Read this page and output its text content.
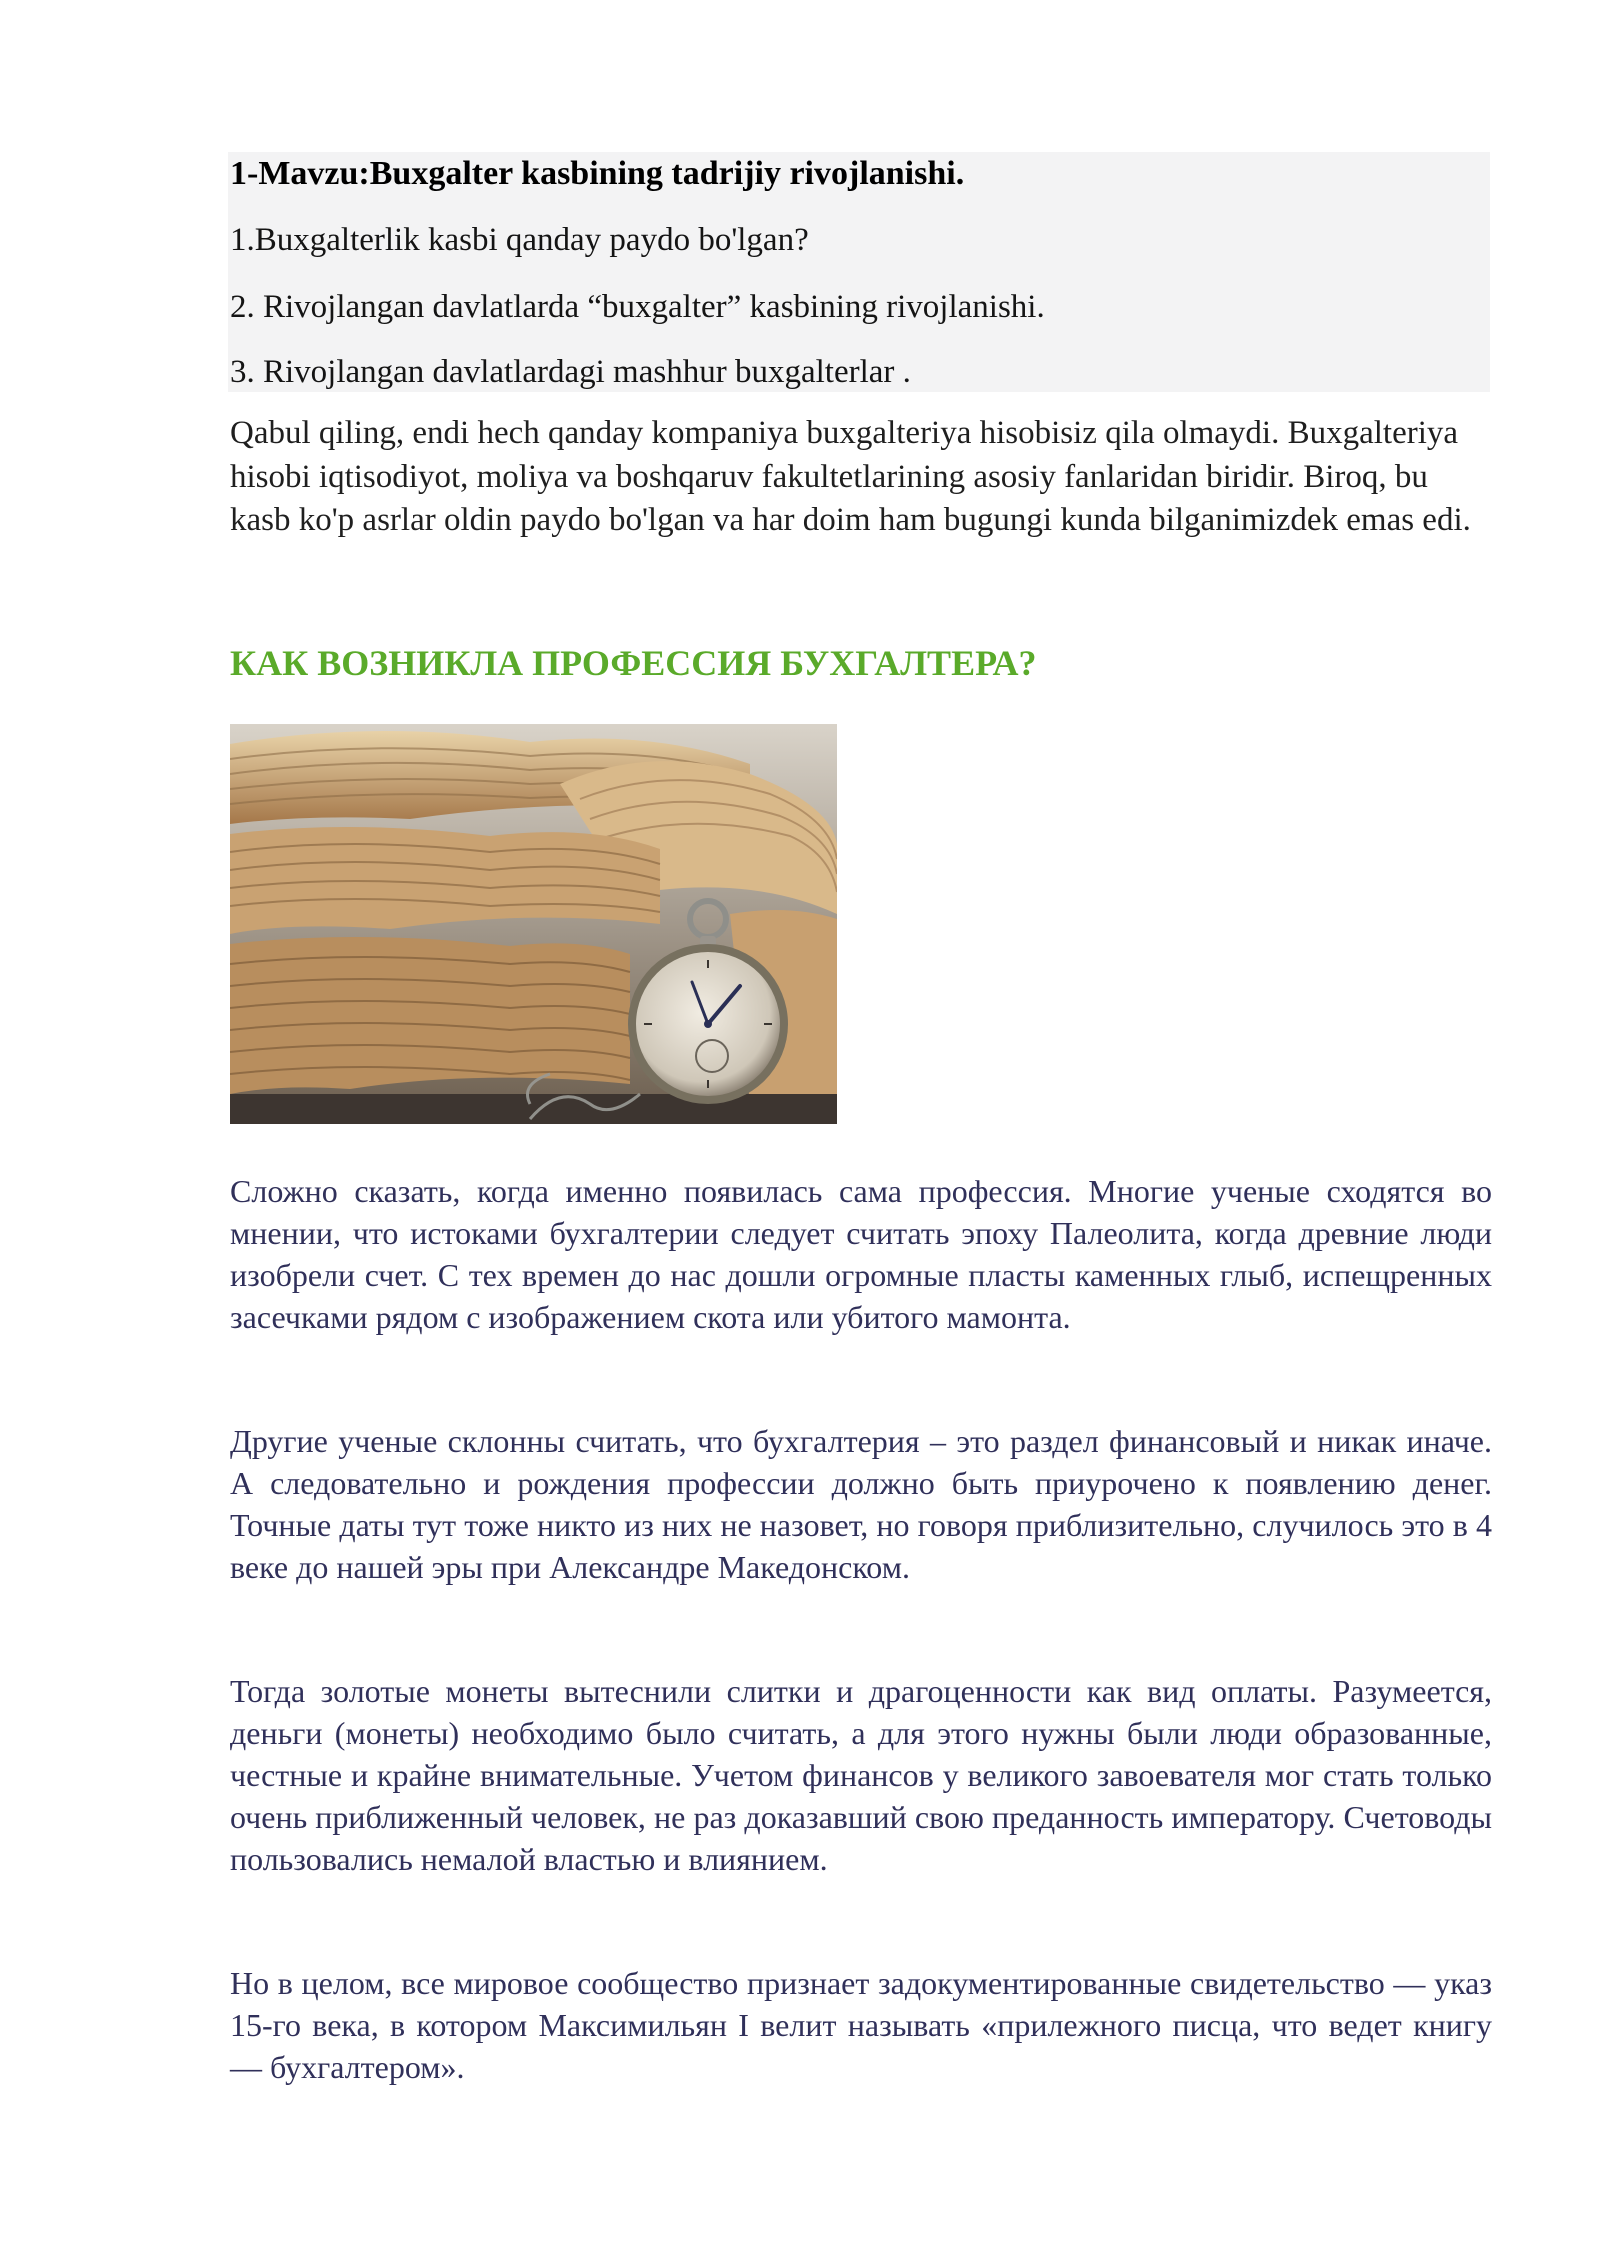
1-Mavzu:Buxgalter kasbining tadrijiy rivojlanishi.

1.Buxgalterlik kasbi qanday paydo bo'lgan?

2. Rivojlangan davlatlarda “buxgalter” kasbining rivojlanishi.

3. Rivojlangan davlatlardagi mashhur buxgalterlar .

Qabul qiling, endi hech qanday kompaniya buxgalteriya hisobisiz qila olmaydi. Buxgalteriya hisobi iqtisodiyot, moliya va boshqaruv fakultetlarining asosiy fanlaridan biridir. Biroq, bu kasb ko'p asrlar oldin paydo bo'lgan va har doim ham bugungi kunda bilganimizdek emas edi.

КАК ВОЗНИКЛА ПРОФЕССИЯ БУХГАЛТЕРА?

Сложно сказать, когда именно появилась сама профессия. Многие ученые сходятся во мнении, что истоками бухгалтерии следует считать эпоху Палеолита, когда древние люди изобрели счет. С тех времен до нас дошли огромные пласты каменных глыб, испещренных засечками рядом с изображением скота или убитого мамонта.

Другие ученые склонны считать, что бухгалтерия – это раздел финансовый и никак иначе. А следовательно и рождения профессии должно быть приурочено к появлению денег. Точные даты тут тоже никто из них не назовет, но говоря приблизительно, случилось это в 4 веке до нашей эры при Александре Македонском.

Тогда золотые монеты вытеснили слитки и драгоценности как вид оплаты. Разумеется, деньги (монеты) необходимо было считать, а для этого нужны были люди образованные, честные и крайне внимательные. Учетом финансов у великого завоевателя мог стать только очень приближенный человек, не раз доказавший свою преданность императору. Счетоводы пользовались немалой властью и влиянием.

Но в целом, все мировое сообщество признает задокументированные свидетельство — указ 15-го века, в котором Максимильян I велит называть «прилежного писца, что ведет книгу — бухгалтером».
